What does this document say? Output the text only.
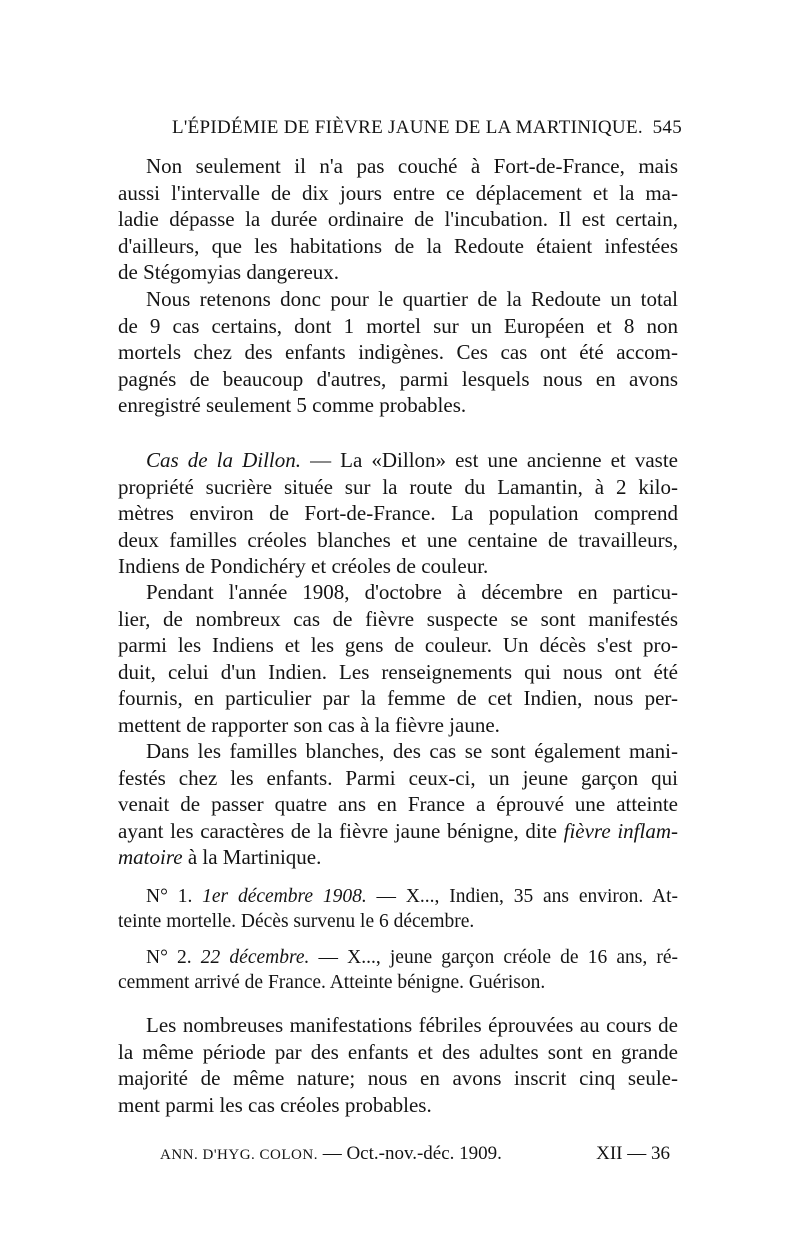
L'ÉPIDÉMIE DE FIÈVRE JAUNE DE LA MARTINIQUE. 545
Non seulement il n'a pas couché à Fort-de-France, mais
aussi l'intervalle de dix jours entre ce déplacement et la ma-
ladie dépasse la durée ordinaire de l'incubation. Il est certain,
d'ailleurs, que les habitations de la Redoute étaient infestées
de Stégomyias dangereux.
Nous retenons donc pour le quartier de la Redoute un total
de 9 cas certains, dont 1 mortel sur un Européen et 8 non
mortels chez des enfants indigènes. Ces cas ont été accom-
pagnés de beaucoup d'autres, parmi lesquels nous en avons
enregistré seulement 5 comme probables.
Cas de la Dillon. — La «Dillon» est une ancienne et vaste
propriété sucrière située sur la route du Lamantin, à 2 kilo-
mètres environ de Fort-de-France. La population comprend
deux familles créoles blanches et une centaine de travailleurs,
Indiens de Pondichéry et créoles de couleur.
Pendant l'année 1908, d'octobre à décembre en particu-
lier, de nombreux cas de fièvre suspecte se sont manifestés
parmi les Indiens et les gens de couleur. Un décès s'est pro-
duit, celui d'un Indien. Les renseignements qui nous ont été
fournis, en particulier par la femme de cet Indien, nous per-
mettent de rapporter son cas à la fièvre jaune.
Dans les familles blanches, des cas se sont également mani-
festés chez les enfants. Parmi ceux-ci, un jeune garçon qui
venait de passer quatre ans en France a éprouvé une atteinte
ayant les caractères de la fièvre jaune bénigne, dite fièvre inflam-
matoire à la Martinique.
N° 1. 1er décembre 1908. — X..., Indien, 35 ans environ. At-
teinte mortelle. Décès survenu le 6 décembre.
N° 2. 22 décembre. — X..., jeune garçon créole de 16 ans, ré-
cemment arrivé de France. Atteinte bénigne. Guérison.
Les nombreuses manifestations fébriles éprouvées au cours de
la même période par des enfants et des adultes sont en grande
majorité de même nature; nous en avons inscrit cinq seule-
ment parmi les cas créoles probables.
ANN. D'HYG. COLON. — Oct.-nov.-déc. 1909.	XII — 36
